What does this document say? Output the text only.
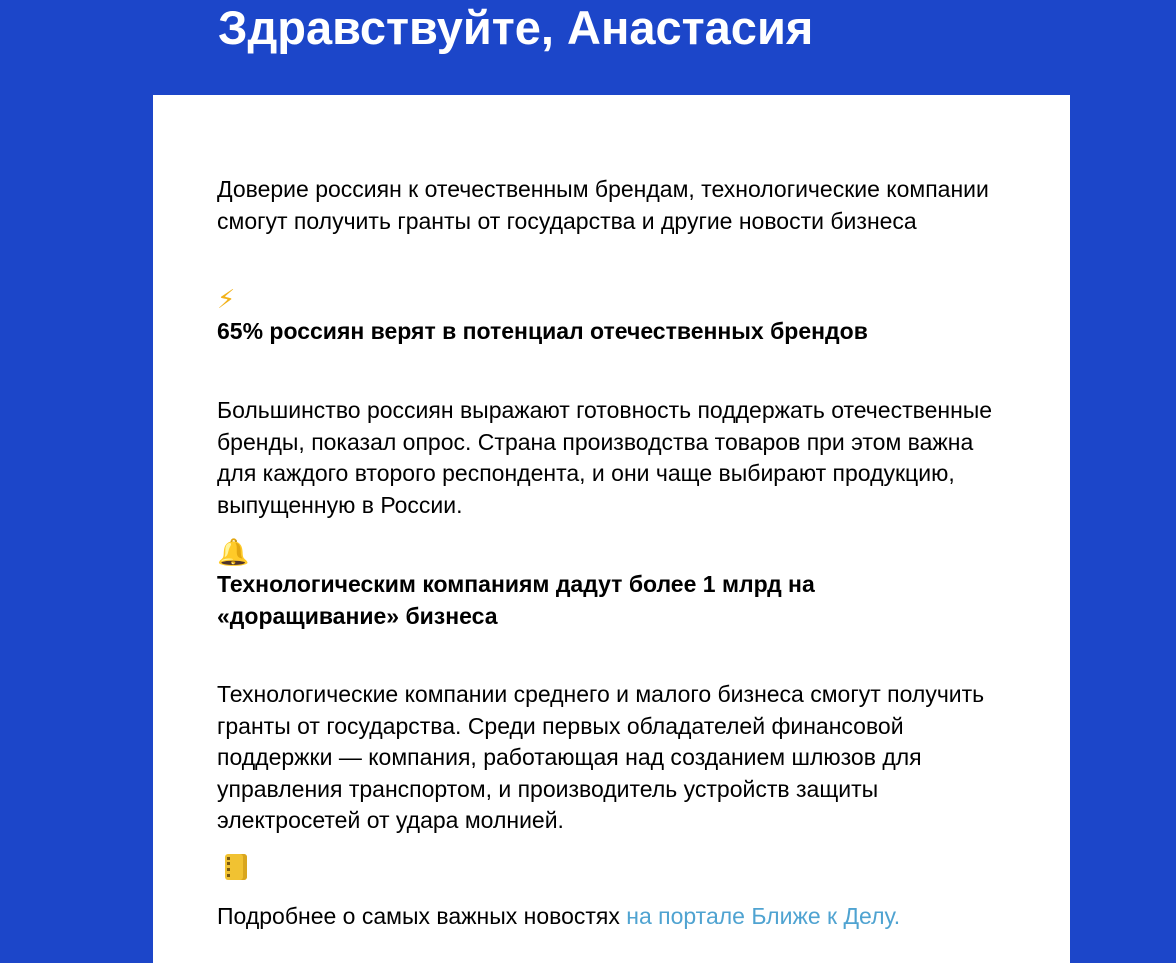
Здравствуйте, Анастасия

Доверие россиян к отечественным брендам, технологические компании смогут получить гранты от государства и другие новости бизнеса

⚡

65% россиян верят в потенциал отечественных брендов

Большинство россиян выражают готовность поддержать отечественные бренды, показал опрос. Страна производства товаров при этом важна для каждого второго респондента, и они чаще выбирают продукцию, выпущенную в России.

🔔

Технологическим компаниям дадут более 1 млрд на «доращивание» бизнеса

Технологические компании среднего и малого бизнеса смогут получить гранты от государства. Среди первых обладателей финансовой поддержки — компания, работающая над созданием шлюзов для управления транспортом, и производитель устройств защиты электросетей от удара молнией.

Подробнее о самых важных новостях на портале Ближе к Делу.
